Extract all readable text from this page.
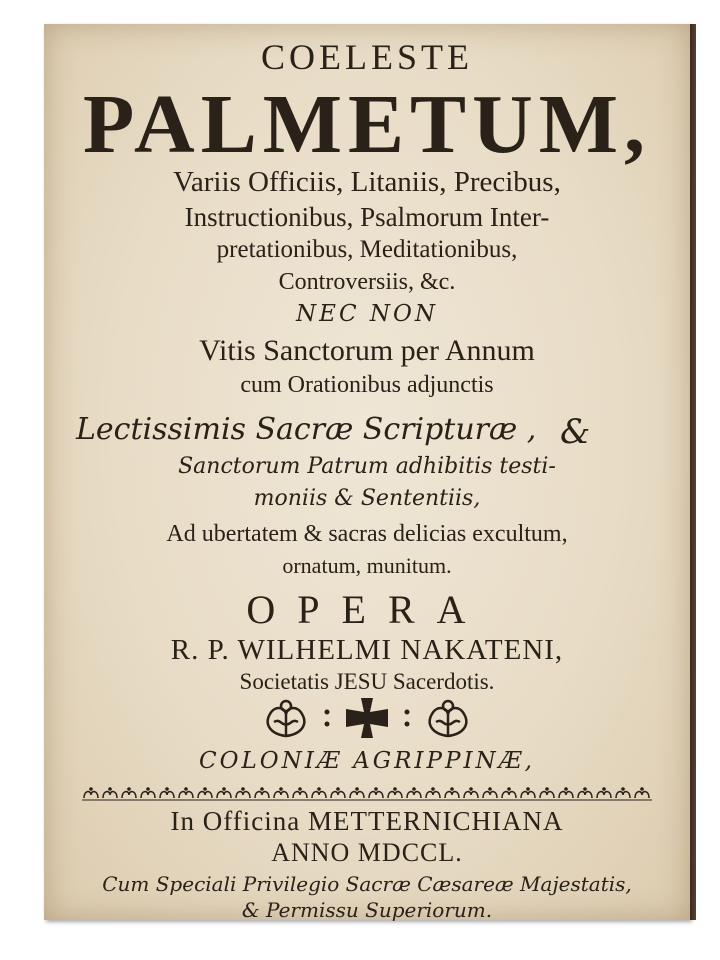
COELESTE
PALMETUM,
Variis Officiis, Litaniis, Precibus,
Instructionibus, Psalmorum Inter-
pretationibus, Meditationibus,
Controversiis, &c.
NEC NON
Vitis Sanctorum per Annum
cum Orationibus adjunctis
Lectissimis Sacræ Scripturæ , &
Sanctorum Patrum adhibitis testi-
moniis & Sententiis,
Ad ubertatem & sacras delicias excultum,
ornatum, munitum.
OPERA
R. P. WILHELMI NAKATENI,
Societatis JESU Sacerdotis.
COLONIÆ AGRIPPINÆ,
In Officina METTERNICHIANA
ANNO MDCCL.
Cum Speciali Privilegio Sacræ Cæsareæ Majestatis,
& Permissu Superiorum.
